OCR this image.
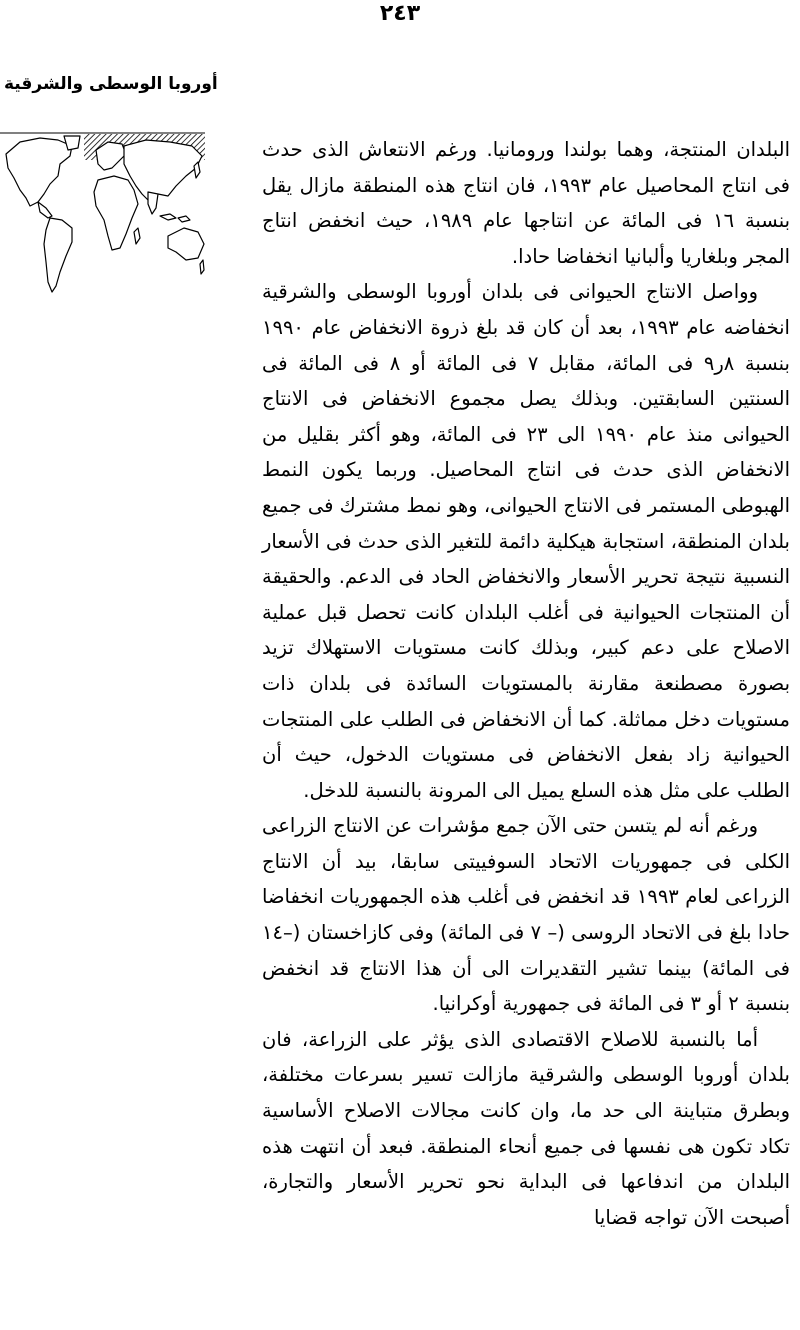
٢٤٣
أوروبا الوسطى والشرقية

البلدان المنتجة، وهما بولندا ورومانيا. ورغم الانتعاش الذى حدث فى انتاج المحاصيل عام ١٩٩٣، فان انتاج هذه المنطقة مازال يقل بنسبة ١٦ فى المائة عن انتاجها عام ١٩٨٩، حيث انخفض انتاج المجر وبلغاريا وألبانيا انخفاضا حادا.

وواصل الانتاج الحيوانى فى بلدان أوروبا الوسطى والشرقية انخفاضه عام ١٩٩٣، بعد أن كان قد بلغ ذروة الانخفاض عام ١٩٩٠ بنسبة ٨ر٩ فى المائة، مقابل ٧ فى المائة أو ٨ فى المائة فى السنتين السابقتين. وبذلك يصل مجموع الانخفاض فى الانتاج الحيوانى منذ عام ١٩٩٠ الى ٢٣ فى المائة، وهو أكثر بقليل من الانخفاض الذى حدث فى انتاج المحاصيل. وربما يكون النمط الهبوطى المستمر فى الانتاج الحيوانى، وهو نمط مشترك فى جميع بلدان المنطقة، استجابة هيكلية دائمة للتغير الذى حدث فى الأسعار النسبية نتيجة تحرير الأسعار والانخفاض الحاد فى الدعم. والحقيقة أن المنتجات الحيوانية فى أغلب البلدان كانت تحصل قبل عملية الاصلاح على دعم كبير، وبذلك كانت مستويات الاستهلاك تزيد بصورة مصطنعة مقارنة بالمستويات السائدة فى بلدان ذات مستويات دخل مماثلة. كما أن الانخفاض فى الطلب على المنتجات الحيوانية زاد بفعل الانخفاض فى مستويات الدخول، حيث أن الطلب على مثل هذه السلع يميل الى المرونة بالنسبة للدخل.

ورغم أنه لم يتسن حتى الآن جمع مؤشرات عن الانتاج الزراعى الكلى فى جمهوريات الاتحاد السوفييتى سابقا، بيد أن الانتاج الزراعى لعام ١٩٩٣ قد انخفض فى أغلب هذه الجمهوريات انخفاضا حادا بلغ فى الاتحاد الروسى (– ٧ فى المائة) وفى كازاخستان (–١٤ فى المائة) بينما تشير التقديرات الى أن هذا الانتاج قد انخفض بنسبة ٢ أو ٣ فى المائة فى جمهورية أوكرانيا.

أما بالنسبة للاصلاح الاقتصادى الذى يؤثر على الزراعة، فان بلدان أوروبا الوسطى والشرقية مازالت تسير بسرعات مختلفة، وبطرق متباينة الى حد ما، وان كانت مجالات الاصلاح الأساسية تكاد تكون هى نفسها فى جميع أنحاء المنطقة. فبعد أن انتهت هذه البلدان من اندفاعها فى البداية نحو تحرير الأسعار والتجارة، أصبحت الآن تواجه قضايا
